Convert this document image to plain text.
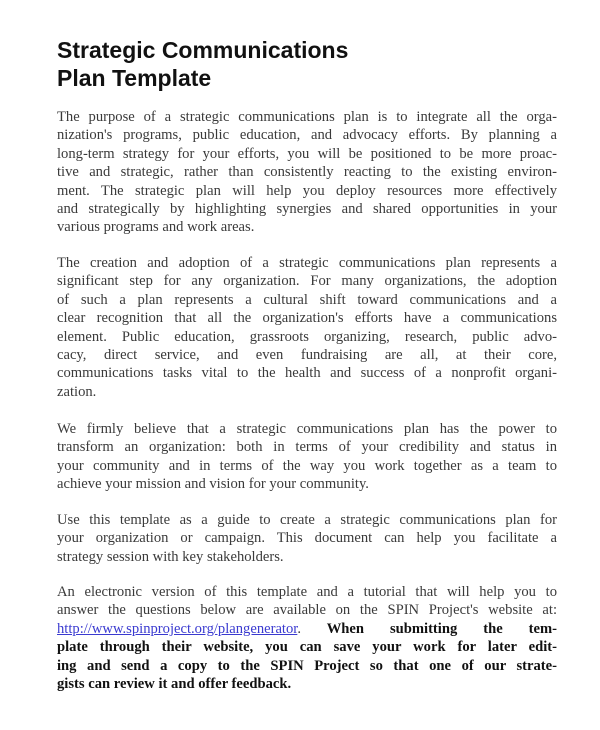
Strategic Communications
Plan Template
The purpose of a strategic communications plan is to integrate all the orga-
nization's programs, public education, and advocacy efforts. By planning a
long-term strategy for your efforts, you will be positioned to be more proac-
tive and strategic, rather than consistently reacting to the existing environ-
ment. The strategic plan will help you deploy resources more effectively
and strategically by highlighting synergies and shared opportunities in your
various programs and work areas.
The creation and adoption of a strategic communications plan represents a
significant step for any organization. For many organizations, the adoption
of such a plan represents a cultural shift toward communications and a
clear recognition that all the organization's efforts have a communications
element. Public education, grassroots organizing, research, public advo-
cacy, direct service, and even fundraising are all, at their core,
communications tasks vital to the health and success of a nonprofit organi-
zation.
We firmly believe that a strategic communications plan has the power to
transform an organization: both in terms of your credibility and status in
your community and in terms of the way you work together as a team to
achieve your mission and vision for your community.
Use this template as a guide to create a strategic communications plan for
your organization or campaign. This document can help you facilitate a
strategy session with key stakeholders.
An electronic version of this template and a tutorial that will help you to
answer the questions below are available on the SPIN Project's website at:
http://www.spinproject.org/plangenerator. When submitting the tem-
plate through their website, you can save your work for later edit-
ing and send a copy to the SPIN Project so that one of our strate-
gists can review it and offer feedback.
